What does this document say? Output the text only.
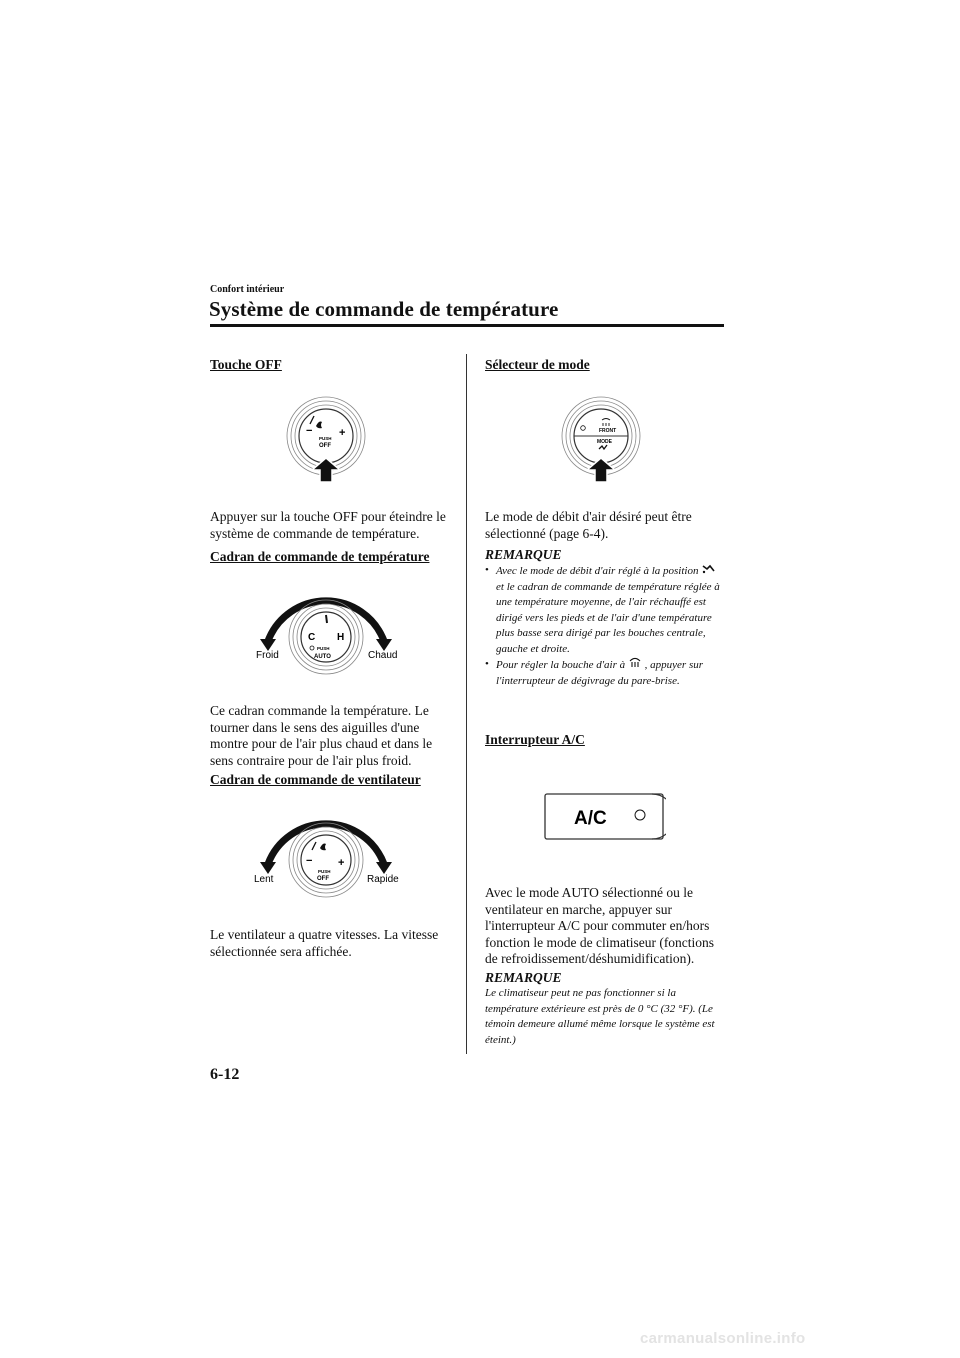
Confort intérieur
Système de commande de température
Touche OFF
− +
PUSH
OFF
Appuyer sur la touche OFF pour éteindre le système de commande de température.
Cadran de commande de température
C H
PUSH
AUTO
Froid	Chaud
Ce cadran commande la température. Le tourner dans le sens des aiguilles d'une montre pour de l'air plus chaud et dans le sens contraire pour de l'air plus froid.
Cadran de commande de ventilateur
− +
PUSH
OFF
Lent	Rapide
Le ventilateur a quatre vitesses. La vitesse sélectionnée sera affichée.
Sélecteur de mode
FRONT
MODE
Le mode de débit d'air désiré peut être sélectionné (page 6-4).
REMARQUE
• Avec le mode de débit d'air réglé à la position  et le cadran de commande de température réglée à une température moyenne, de l'air réchauffé est dirigé vers les pieds et de l'air d'une température plus basse sera dirigé par les bouches centrale, gauche et droite.
• Pour régler la bouche d'air à , appuyer sur l'interrupteur de dégivrage du pare-brise.
Interrupteur A/C
A/C
Avec le mode AUTO sélectionné ou le ventilateur en marche, appuyer sur l'interrupteur A/C pour commuter en/hors fonction le mode de climatiseur (fonctions de refroidissement/déshumidification).
REMARQUE
Le climatiseur peut ne pas fonctionner si la température extérieure est près de 0 °C (32 °F). (Le témoin demeure allumé même lorsque le système est éteint.)
6-12
carmanualsonline.info
